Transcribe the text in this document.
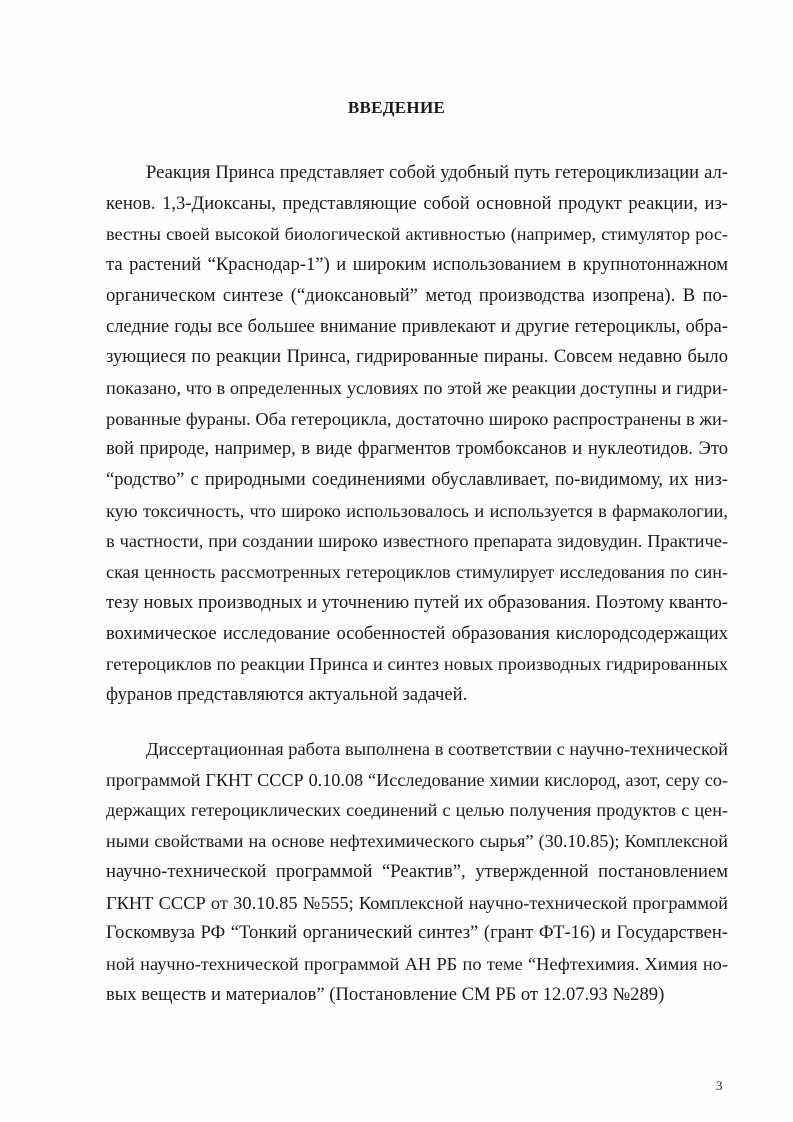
ВВЕДЕНИЕ
Реакция Принса представляет собой удобный путь гетероциклизации ал-
кенов. 1,3-Диоксаны, представляющие собой основной продукт реакции, из-
вестны своей высокой биологической активностью (например, стимулятор рос-
та растений “Краснодар-1”) и широким использованием в крупнотоннажном
органическом синтезе (“диоксановый” метод производства изопрена). В по-
следние годы все большее внимание привлекают и другие гетероциклы, обра-
зующиеся по реакции Принса, гидрированные пираны. Совсем недавно было
показано, что в определенных условиях по этой же реакции доступны и гидри-
рованные фураны. Оба гетероцикла, достаточно широко распространены в жи-
вой природе, например, в виде фрагментов тромбоксанов и нуклеотидов. Это
“родство” с природными соединениями обуславливает, по-видимому, их низ-
кую токсичность, что широко использовалось и используется в фармакологии,
в частности, при создании широко известного препарата зидовудин. Практиче-
ская ценность рассмотренных гетероциклов стимулирует исследования по син-
тезу новых производных и уточнению путей их образования. Поэтому кванто-
вохимическое исследование особенностей образования кислородсодержащих
гетероциклов по реакции Принса и синтез новых производных гидрированных
фуранов представляются актуальной задачей.
Диссертационная работа выполнена в соответствии с научно-технической
программой ГКНТ СССР 0.10.08 “Исследование химии кислород, азот, серу со-
держащих гетероциклических соединений с целью получения продуктов с цен-
ными свойствами на основе нефтехимического сырья” (30.10.85); Комплексной
научно-технической программой “Реактив”, утвержденной постановлением
ГКНТ СССР от 30.10.85 №555; Комплексной научно-технической программой
Госкомвуза РФ “Тонкий органический синтез” (грант ФТ-16) и Государствен-
ной научно-технической программой АН РБ по теме “Нефтехимия. Химия но-
вых веществ и материалов” (Постановление СМ РБ от 12.07.93 №289)
3
